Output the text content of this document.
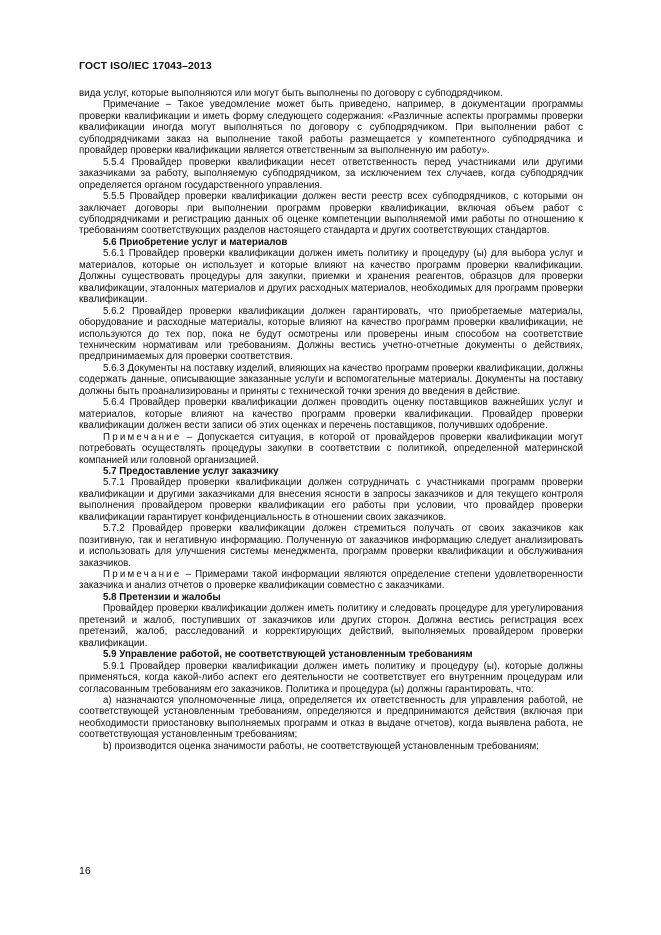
ГОСТ ISO/IEC 17043–2013

вида услуг, которые выполняются или могут быть выполнены по договору с субподрядчиком.

Примечание – Такое уведомление может быть приведено, например, в документации программы проверки квалификации и иметь форму следующего содержания: «Различные аспекты программы проверки квалификации иногда могут выполняться по договору с субподрядчиком. При выполнении работ с субподрядчиками заказ на выполнение такой работы размещается у компетентного субподрядчика и провайдер проверки квалификации является ответственным за выполненную им работу».

5.5.4 Провайдер проверки квалификации несет ответственность перед участниками или другими заказчиками за работу, выполняемую субподрядчиком, за исключением тех случаев, когда субподрядчик определяется органом государственного управления.

5.5.5 Провайдер проверки квалификации должен вести реестр всех субподрядчиков, с которыми он заключает договоры при выполнении программ проверки квалификации, включая объем работ с субподрядчиками и регистрацию данных об оценке компетенции выполняемой ими работы по отношению к требованиям соответствующих разделов настоящего стандарта и других соответствующих стандартов.

5.6 Приобретение услуг и материалов

5.6.1 Провайдер проверки квалификации должен иметь политику и процедуру (ы) для выбора услуг и материалов, которые он использует и которые влияют на качество программ проверки квалификации. Должны существовать процедуры для закупки, приемки и хранения реагентов, образцов для проверки квалификации, эталонных материалов и других расходных материалов, необходимых для программ проверки квалификации.

5.6.2 Провайдер проверки квалификации должен гарантировать, что приобретаемые материалы, оборудование и расходные материалы, которые влияют на качество программ проверки квалификации, не используются до тех пор, пока не будут осмотрены или проверены иным способом на соответствие техническим нормативам или требованиям. Должны вестись учетно-отчетные документы о действиях, предпринимаемых для проверки соответствия.

5.6.3 Документы на поставку изделий, влияющих на качество программ проверки квалификации, должны содержать данные, описывающие заказанные услуги и вспомогательные материалы. Документы на поставку должны быть проанализированы и приняты с технической точки зрения до введения в действие.

5.6.4 Провайдер проверки квалификации должен проводить оценку поставщиков важнейших услуг и материалов, которые влияют на качество программ проверки квалификации. Провайдер проверки квалификации должен вести записи об этих оценках и перечень поставщиков, получивших одобрение.

Примечание – Допускается ситуация, в которой от провайдеров проверки квалификации могут потребовать осуществлять процедуры закупки в соответствии с политикой, определенной материнской компанией или головной организацией.

5.7 Предоставление услуг заказчику

5.7.1 Провайдер проверки квалификации должен сотрудничать с участниками программ проверки квалификации и другими заказчиками для внесения ясности в запросы заказчиков и для текущего контроля выполнения провайдером проверки квалификации его работы при условии, что провайдер проверки квалификации гарантирует конфиденциальность в отношении своих заказчиков.

5.7.2 Провайдер проверки квалификации должен стремиться получать от своих заказчиков как позитивную, так и негативную информацию. Полученную от заказчиков информацию следует анализировать и использовать для улучшения системы менеджмента, программ проверки квалификации и обслуживания заказчиков.

Примечание – Примерами такой информации являются определение степени удовлетворенности заказчика и анализ отчетов о проверке квалификации совместно с заказчиками.

5.8 Претензии и жалобы

Провайдер проверки квалификации должен иметь политику и следовать процедуре для урегулирования претензий и жалоб, поступивших от заказчиков или других сторон. Должна вестись регистрация всех претензий, жалоб, расследований и корректирующих действий, выполняемых провайдером проверки квалификации.

5.9 Управление работой, не соответствующей установленным требованиям

5.9.1 Провайдер проверки квалификации должен иметь политику и процедуру (ы), которые должны применяться, когда какой-либо аспект его деятельности не соответствует его внутренним процедурам или согласованным требованиям его заказчиков. Политика и процедура (ы) должны гарантировать, что:

а) назначаются уполномоченные лица, определяется их ответственность для управления работой, не соответствующей установленным требованиям, определяются и предпринимаются действия (включая при необходимости приостановку выполняемых программ и отказ в выдаче отчетов), когда выявлена работа, не соответствующая установленным требованиям;

b) производится оценка значимости работы, не соответствующей установленным требованиям;

16
